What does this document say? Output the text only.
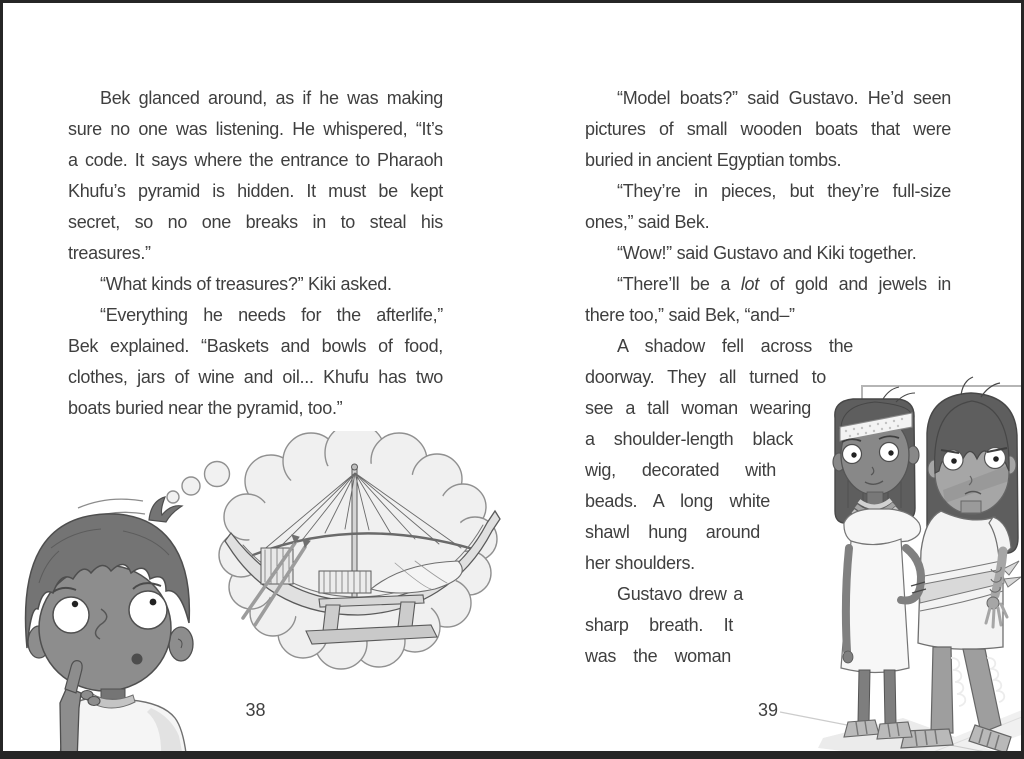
Bek glanced around, as if he was making
sure no one was listening. He whispered, “It’s
a code. It says where the entrance to Pharaoh
Khufu’s pyramid is hidden. It must be kept
secret, so no one breaks in to steal his
treasures.”
“What kinds of treasures?” Kiki asked.
“Everything he needs for the afterlife,”
Bek explained. “Baskets and bowls of food,
clothes, jars of wine and oil... Khufu has two
boats buried near the pyramid, too.”
“Model boats?” said Gustavo. He’d seen
pictures of small wooden boats that were
buried in ancient Egyptian tombs.
“They’re in pieces, but they’re full-size
ones,” said Bek.
“Wow!” said Gustavo and Kiki together.
“There’ll be a lot of gold and jewels in
there too,” said Bek, “and–”
A shadow fell across the
doorway. They all turned to
see a tall woman wearing
a shoulder-length black
wig, decorated with
beads. A long white
shawl hung around
her shoulders.
Gustavo drew a
sharp breath. It
was the woman
38	39
